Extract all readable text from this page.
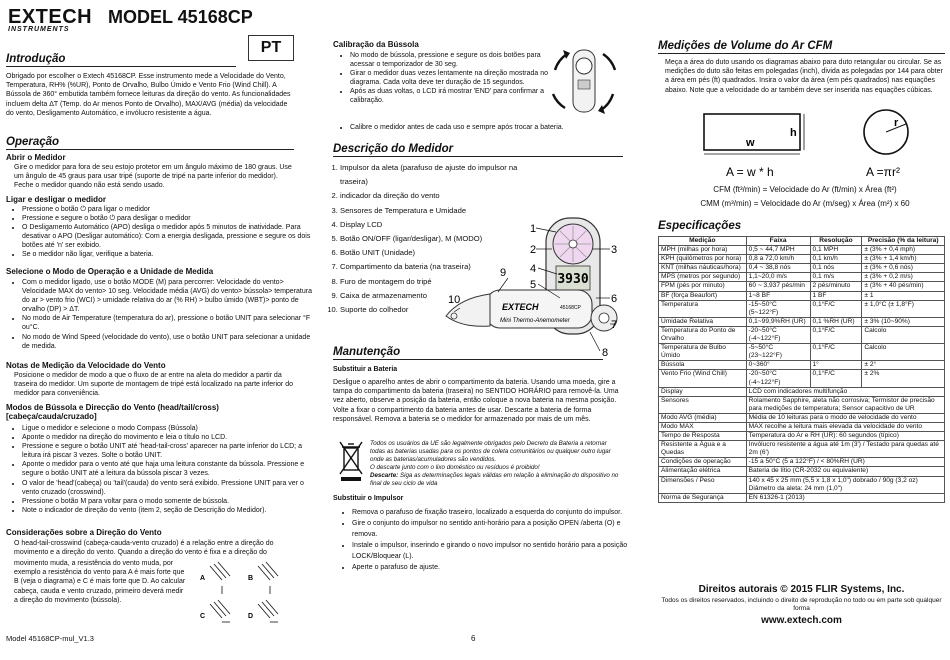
EXTECH
INSTRUMENTS
MODEL 45168CP
PT
Introdução
Obrigado por escolher o Extech 45168CP. Esse instrumento mede a Velocidade do Vento, Temperatura, RH% (%UR), Ponto de Orvalho, Bulbo Úmido e Vento Frio (Wind Chill). A Bússola de 360° embutida também fornece leituras da direção do vento. As funcionalidades incluem delta ΔT (Temp. do Ar menos Ponto de Orvalho), MAX/AVG (média) da velocidade do vento, Desligamento Automático, e invólucro resistente a água.
Operação
Abrir o Medidor
Gire o medidor para fora de seu estojo protetor em um ângulo máximo de 180 graus. Use um ângulo de 45 graus para usar tripé (suporte de tripé na parte inferior do medidor). Feche o medidor quando não está sendo usado.
Ligar e desligar o medidor
• Pressione o botão ⏻ para ligar o medidor
• Pressione e segure o botão ⏻ para desligar o medidor
• O Desligamento Automático (APO) desliga o medidor após 5 minutos de inatividade. Para desativar o APO (Desligar automático): Com a energia desligada, pressione e segure os dois botões até 'n' ser exibido.
• Se o medidor não ligar, verifique a bateria.
Selecione o Modo de Operação e a Unidade de Medida
• Com o medidor ligado, use o botão MODE (M) para percorrer: Velocidade do vento> Velocidade MAX do vento> 10 seg. Velocidade média (AVG) do vento> bússola> temperatura do ar > vento frio (WCI) > umidade relativa do ar (% RH) > bulbo úmido (WBT)> ponto de orvalho (DP) > ΔT.
• No modo de Air Temperature (temperatura do ar), pressione o botão UNIT para selecionar °F ou°C.
• No modo de Wind Speed (velocidade do vento), use o botão UNIT para selecionar a unidade de medida.
Notas de Medição da Velocidade do Vento
Posicione o medidor de modo a que o fluxo de ar entre na aleta do medidor a partir da traseira do medidor. Um suporte de montagem de tripé está localizado na parte inferior do medidor para conveniência.
Modos de Bússola e Direcção do Vento (head/tail/cross) [cabeça/cauda/cruzado]
• Ligue o medidor e selecione o modo Compass (Bússola)
• Aponte o medidor na direção do movimento e leia o título no LCD.
• Pressione e segure o botão UNIT até 'head-tail-cross' aparecer na parte inferior do LCD; a leitura irá piscar 3 vezes. Solte o botão UNIT.
• Aponte o medidor para o vento até que haja uma leitura constante da bússola. Pressione e segure o botão UNIT até a leitura da bússola piscar 3 vezes.
• O valor de 'head'(cabeça) ou 'tail'(cauda) do vento será exibido. Pressione UNIT para ver o vento cruzado (crosswind).
• Pressione o botão M para voltar para o modo somente de bússola.
• Note o indicador de direção do vento (item 2, seção de Descrição do Medidor).
Considerações sobre a Direção do Vento
O head-tail-crosswind (cabeça-cauda-vento cruzado) é a relação entre a direção do movimento e a direção do vento. Quando a direção do vento é fixa e a direção do
movimento muda, a resistência do vento muda, por exemplo a resistência do vento para A é mais forte que B (veja o diagrama) e C é mais forte que D. Ao calcular cabeça, cauda e vento cruzado, primeiro deverá medir a direção do movimento (bússola).
A	B
C	D
Calibração da Bússola
• No modo de bússola, pressione e segure os dois botões para acessar o temporizador de 30 seg.
• Girar o medidor duas vezes lentamente na direção mostrada no diagrama. Cada volta deve ter duração de 15 segundos.
• Após as duas voltas, o LCD irá mostrar 'END' para confirmar a calibração.
• Calibre o medidor antes de cada uso e sempre após trocar a bateria.
Descrição do Medidor
1. Impulsor da aleta (parafuso de ajuste do impulsor na traseira)
2. indicador da direção do vento
3. Sensores de Temperatura e Umidade
4. Display LCD
5. Botão ON/OFF (ligar/desligar), M (MODO)
6. Botão UNIT (Unidade)
7. Compartimento da bateria (na traseira)
8. Furo de montagem do tripé
9. Caixa de armazenamento
10. Suporte do colhedor
3930
EXTECH
Mini Thermo-Anemometer
45168CP
1
2	3
4
5
6
7
8
9
10
Manutenção
Substituir a Bateria
Desligue o aparelho antes de abrir o compartimento da bateria. Usando uma moeda, gire a tampa do compartimento da bateria (traseira) no SENTIDO HORÁRIO para removê-la. Uma vez aberto, observe a posição da bateria, então coloque a nova bateria na mesma posição. Volte a fixar o compartimento da bateria antes de usar. Descarte a bateria de forma responsável. Remova a bateria se o medidor for armazenado por mais de um mês.
Todos os usuários da UE são legalmente obrigados pelo Decreto da Bateria a retornar todas as baterias usadas para os pontos de coleta comunitários ou qualquer outro lugar onde as baterias/acumuladores são vendidos.
O descarte junto com o lixo doméstico ou resíduos é proibido!
Descarte: Siga as determinações legais válidas em relação à eliminação do dispositivo no final de seu ciclo de vida
Substituir o Impulsor
• Remova o parafuso de fixação traseiro, localizado a esquerda do conjunto do impulsor.
• Gire o conjunto do impulsor no sentido anti-horário para a posição OPEN /aberta (O) e remova.
• Instale o impulsor, inserindo e girando o novo impulsor no sentido horário para a posição LOCK/Bloquear (L).
• Aperte o parafuso de ajuste.
Medições de Volume do Ar CFM
Meça a área do duto usando os diagramas abaixo para duto retangular ou circular. Se as medições do duto são feitas em polegadas (inch), divida as polegadas por 144 para obter a área em pés (ft) quadrados. Insira o valor da área (em pés quadrados) nas equações abaixo. Note que a velocidade do ar também deve ser inserida nas equações cúbicas.
w
h
r
A = w * h	A =πr²
CFM (ft³/min) = Velocidade do Ar (ft/min) x Área (ft²)
CMM (m³/min) = Velocidade do Ar (m/seg) x Área (m²) x 60
Especificações
Medição	Faixa	Resolução	Precisão (% da leitura)
MPH (milhas por hora)	0,5 ~ 44,7 MPH	0,1 MPH	± (3% + 0,4 mph)
KPH (quilômetros por hora)	0,8 a 72,0 km/h	0,1 km/h	± (3% + 1,4 km/h)
KNT (milhas náuticas/hora)	0,4 ~ 38,8 nós	0,1 nós	± (3% + 0,6 nós)
MPS (metros por segundo)	1,1~20,0 m/s	0,1 m/s	± (3% + 0,2 m/s)
FPM (pés por minuto)	60 ~ 3,937 pés/min	2 pés/minuto	± (3% + 40 pés/min)
BF (força Beaufort)	1~8 BF	1 BF	± 1
Temperatura	-15~50°C (5~122°F)	0,1°F/C	± 1,0°C (± 1,8°F)
Umidade Relativa	0,1~99,9%RH (UR)	0,1 %RH (UR)	± 3% (10~90%)
Temperatura do Ponto de Orvalho	-20~50°C (-4~122°F)	0,1°F/C	Calcolo
Temperatura de Bulbo Úmido	-5~50°C (23~122°F)	0,1°F/C	Calcolo
Bússola	0~360°	1°	± 2°
Vento Frio (Wind Chill)	-20~50°C (-4~122°F)	0,1°F/C	± 2%
Display	LCD com indicadores multifunção		
Sensores	Rolamento Sapphire, aleta não corrosiva; Termistor de precisão para medições de temperatura; Sensor capacitivo de UR		
Modo AVG (média)	Média de 10 leituras para o modo de velocidade do vento		
Modo MAX	MAX recolhe a leitura mais elevada da velocidade do vento		
Tempo de Resposta	Temperatura do Ar e RH (UR): 60 segundos (típico)		
Resistente a Água e a Quedas	Invólucro resistente a água até 1m (3') / Testado para quedas até 2m (6')		
Condições de operação	-15 a 50°C (5 a 122°F) / < 80%RH (UR)		
Alimentação elétrica	Bateria de lítio (CR-2032 ou equivalente)		
Dimensões / Peso	140 x 45 x 25 mm (5,5 x 1,8 x 1,0") dobrado / 90g (3,2 oz) Diâmetro da aleta: 24 mm (1,0")		
Norma de Segurança	EN 61326-1 (2013)		
Direitos autorais © 2015 FLIR Systems, Inc.
Todos os direitos reservados, incluindo o direito de reprodução no todo ou em parte sob qualquer forma
www.extech.com
Model 45168CP-mul_V1.3	6
